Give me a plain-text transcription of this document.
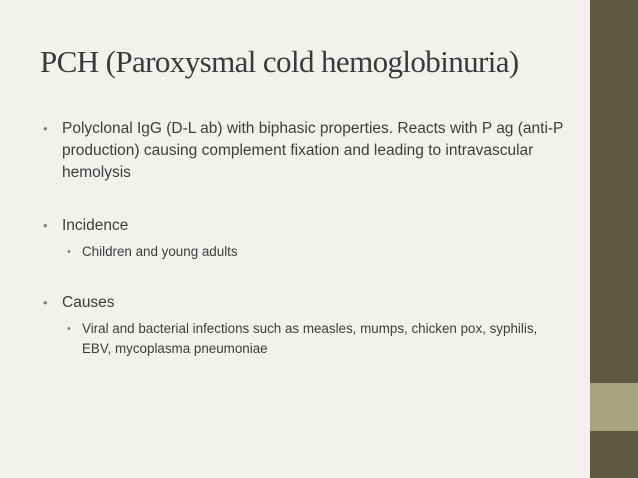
PCH (Paroxysmal cold hemoglobinuria)
• Polyclonal IgG (D-L ab) with biphasic properties. Reacts with P ag (anti-P production) causing complement fixation and leading to intravascular hemolysis
• Incidence
• Children and young adults
• Causes
• Viral and bacterial infections such as measles, mumps, chicken pox, syphilis, EBV, mycoplasma pneumoniae
